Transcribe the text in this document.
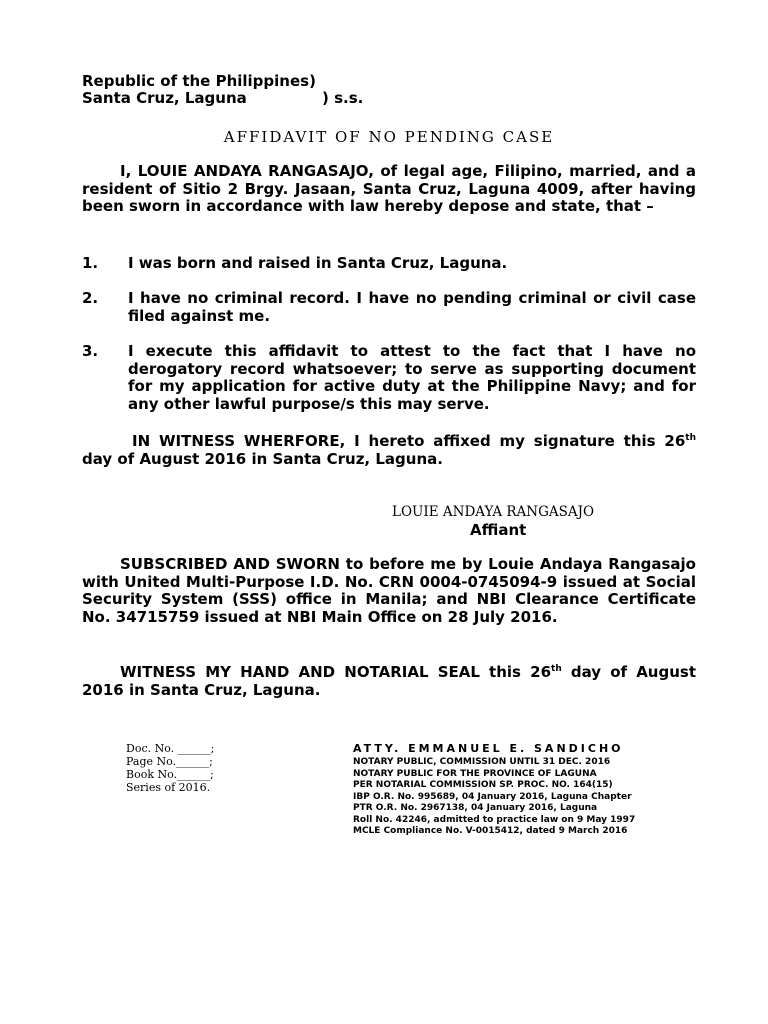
Republic of the Philippines)
Santa Cruz, Laguna	) s.s.
AFFIDAVIT OF NO PENDING CASE
I, LOUIE ANDAYA RANGASAJO, of legal age, Filipino, married, and a resident of Sitio 2 Brgy. Jasaan, Santa Cruz, Laguna 4009, after having been sworn in accordance with law hereby depose and state, that –
1. I was born and raised in Santa Cruz, Laguna.
2. I have no criminal record. I have no pending criminal or civil case filed against me.
3. I execute this affidavit to attest to the fact that I have no derogatory record whatsoever; to serve as supporting document for my application for active duty at the Philippine Navy; and for any other lawful purpose/s this may serve.
IN WITNESS WHERFORE, I hereto affixed my signature this 26th day of August 2016 in Santa Cruz, Laguna.
LOUIE ANDAYA RANGASAJO
Affiant
SUBSCRIBED AND SWORN to before me by Louie Andaya Rangasajo with United Multi-Purpose I.D. No. CRN 0004-0745094-9 issued at Social Security System (SSS) office in Manila; and NBI Clearance Certificate No. 34715759 issued at NBI Main Office on 28 July 2016.
WITNESS MY HAND AND NOTARIAL SEAL this 26th day of August 2016 in Santa Cruz, Laguna.
Doc. No. ______;
Page No.______;
Book No.______;
Series of 2016.
ATTY. EMMANUEL E. SANDICHO
NOTARY PUBLIC, COMMISSION UNTIL 31 DEC. 2016
NOTARY PUBLIC FOR THE PROVINCE OF LAGUNA
PER NOTARIAL COMMISSION SP. PROC. NO. 164(15)
IBP O.R. No. 995689, 04 January 2016, Laguna Chapter
PTR O.R. No. 2967138, 04 January 2016, Laguna
Roll No. 42246, admitted to practice law on 9 May 1997
MCLE Compliance No. V-0015412, dated 9 March 2016
